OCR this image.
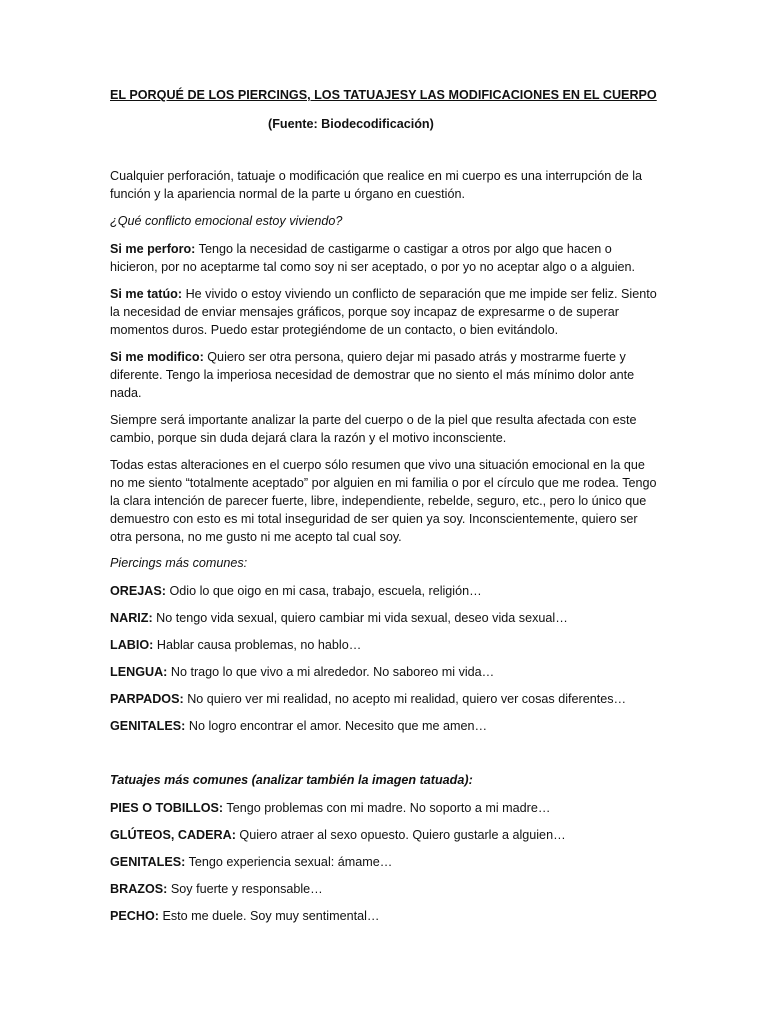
EL PORQUÉ DE LOS PIERCINGS, LOS TATUAJESY LAS MODIFICACIONES EN EL CUERPO
(Fuente: Biodecodificación)

Cualquier perforación, tatuaje o modificación que realice en mi cuerpo es una interrupción de la función y la apariencia normal de la parte u órgano en cuestión.

¿Qué conflicto emocional estoy viviendo?

Si me perforo: Tengo la necesidad de castigarme o castigar a otros por algo que hacen o hicieron, por no aceptarme tal como soy ni ser aceptado, o por yo no aceptar algo o a alguien.

Si me tatúo: He vivido o estoy viviendo un conflicto de separación que me impide ser feliz. Siento la necesidad de enviar mensajes gráficos, porque soy incapaz de expresarme o de superar momentos duros. Puedo estar protegiéndome de un contacto, o bien evitándolo.

Si me modifico: Quiero ser otra persona, quiero dejar mi pasado atrás y mostrarme fuerte y diferente. Tengo la imperiosa necesidad de demostrar que no siento el más mínimo dolor ante nada.

Siempre será importante analizar la parte del cuerpo o de la piel que resulta afectada con este cambio, porque sin duda dejará clara la razón y el motivo inconsciente.

Todas estas alteraciones en el cuerpo sólo resumen que vivo una situación emocional en la que no me siento “totalmente aceptado” por alguien en mi familia o por el círculo que me rodea. Tengo la clara intención de parecer fuerte, libre, independiente, rebelde, seguro, etc., pero lo único que demuestro con esto es mi total inseguridad de ser quien ya soy. Inconscientemente, quiero ser otra persona, no me gusto ni me acepto tal cual soy.

Piercings más comunes:

OREJAS: Odio lo que oigo en mi casa, trabajo, escuela, religión…
NARIZ: No tengo vida sexual, quiero cambiar mi vida sexual, deseo vida sexual…
LABIO: Hablar causa problemas, no hablo…
LENGUA: No trago lo que vivo a mi alrededor. No saboreo mi vida…
PARPADOS: No quiero ver mi realidad, no acepto mi realidad, quiero ver cosas diferentes…
GENITALES: No logro encontrar el amor. Necesito que me amen…

Tatuajes más comunes (analizar también la imagen tatuada):

PIES O TOBILLOS: Tengo problemas con mi madre. No soporto a mi madre…
GLÚTEOS, CADERA: Quiero atraer al sexo opuesto. Quiero gustarle a alguien…
GENITALES: Tengo experiencia sexual: ámame…
BRAZOS: Soy fuerte y responsable…
PECHO: Esto me duele. Soy muy sentimental…
